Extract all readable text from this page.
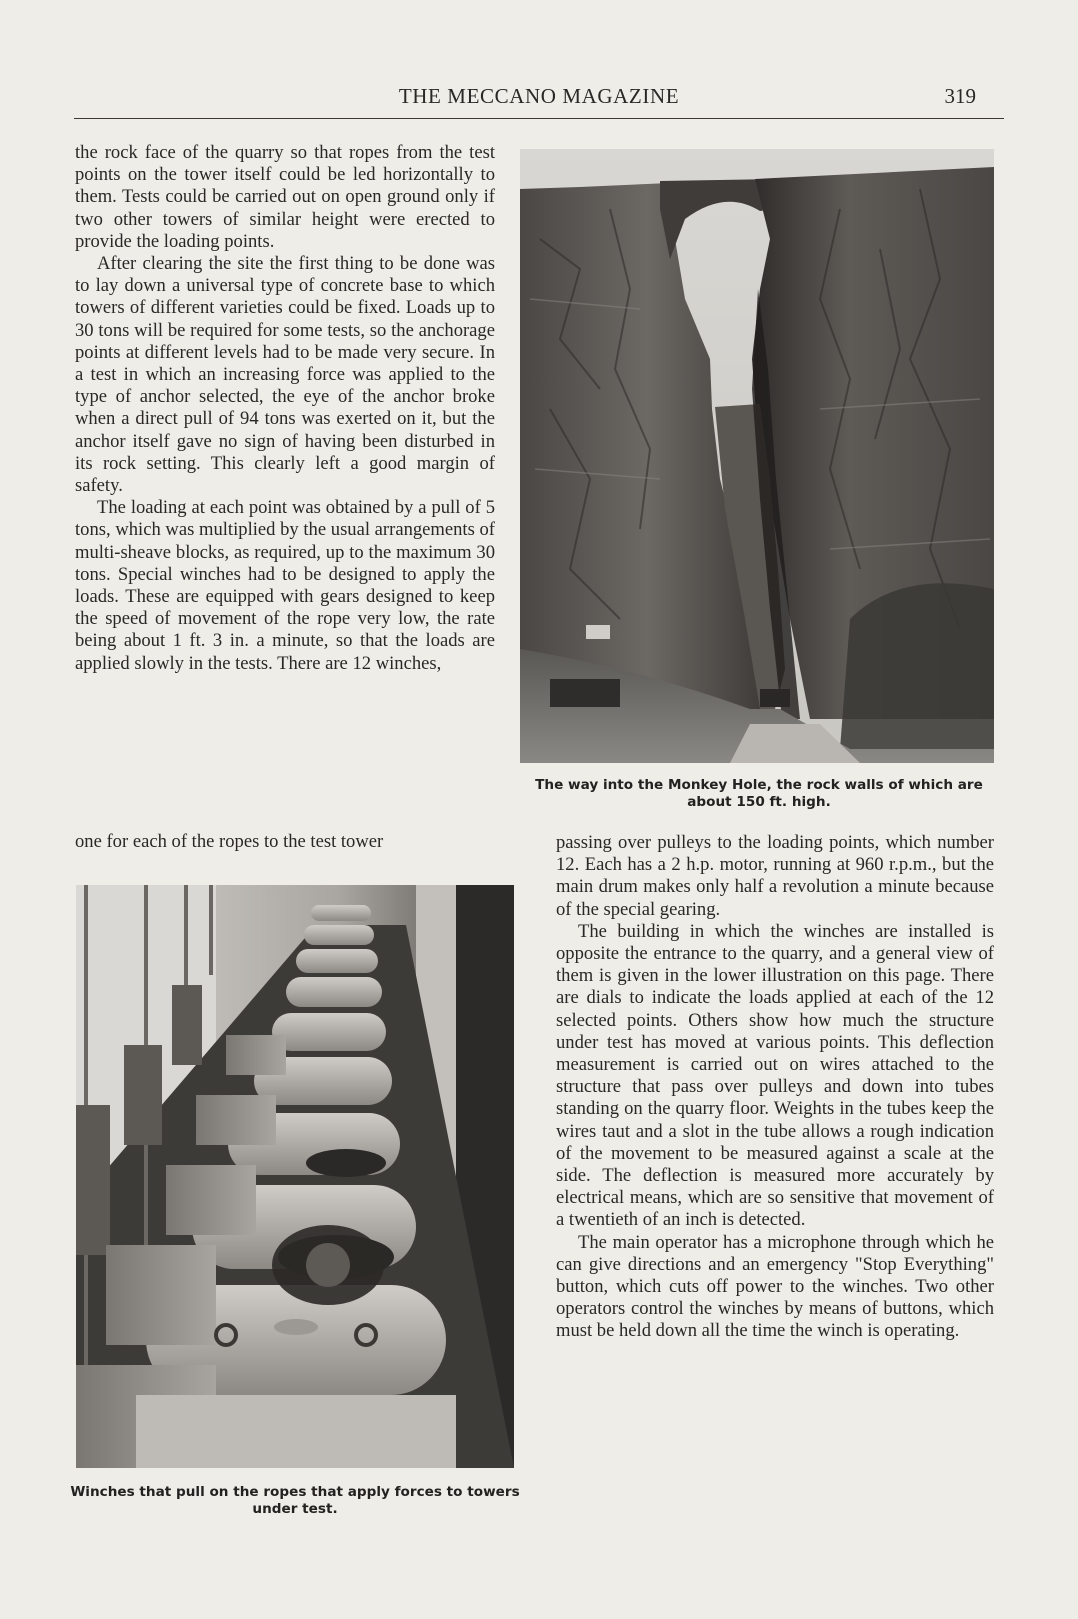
THE MECCANO MAGAZINE	319

the rock face of the quarry so that ropes from the test points on the tower itself could be led horizontally to them. Tests could be carried out on open ground only if two other towers of similar height were erected to provide the loading points.

After clearing the site the first thing to be done was to lay down a universal type of concrete base to which towers of different varieties could be fixed. Loads up to 30 tons will be required for some tests, so the anchorage points at different levels had to be made very secure. In a test in which an increasing force was applied to the type of anchor selected, the eye of the anchor broke when a direct pull of 94 tons was exerted on it, but the anchor itself gave no sign of having been disturbed in its rock setting. This clearly left a good margin of safety.

The loading at each point was obtained by a pull of 5 tons, which was multiplied by the usual arrangements of multi-sheave blocks, as required, up to the maximum 30 tons. Special winches had to be designed to apply the loads. These are equipped with gears designed to keep the speed of movement of the rope very low, the rate being about 1 ft. 3 in. a minute, so that the loads are applied slowly in the tests. There are 12 winches,

one for each of the ropes to the test tower
The way into the Monkey Hole, the rock walls of which are about 150 ft. high.
Winches that pull on the ropes that apply forces to towers under test.

passing over pulleys to the loading points, which number 12. Each has a 2 h.p. motor, running at 960 r.p.m., but the main drum makes only half a revolution a minute because of the special gearing.

The building in which the winches are installed is opposite the entrance to the quarry, and a general view of them is given in the lower illustration on this page. There are dials to indicate the loads applied at each of the 12 selected points. Others show how much the structure under test has moved at various points. This deflection measurement is carried out on wires attached to the structure that pass over pulleys and down into tubes standing on the quarry floor. Weights in the tubes keep the wires taut and a slot in the tube allows a rough indication of the movement to be measured against a scale at the side. The deflection is measured more accurately by electrical means, which are so sensitive that movement of a twentieth of an inch is detected.

The main operator has a microphone through which he can give directions and an emergency "Stop Everything" button, which cuts off power to the winches. Two other operators control the winches by means of buttons, which must be held down all the time the winch is operating.
